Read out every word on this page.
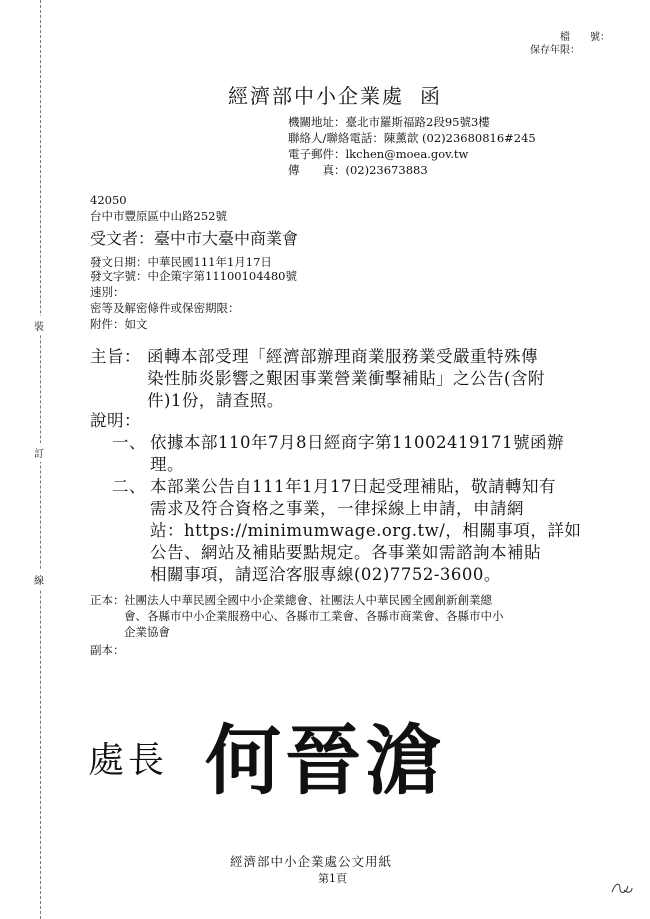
裝
訂
線
檔　　號：
保存年限：
經濟部中小企業處 函
機關地址：臺北市羅斯福路2段95號3樓
聯絡人/聯絡電話：陳薰歆 (02)23680816#245
電子郵件：lkchen@moea.gov.tw
傳　　真：(02)23673883
42050
台中市豐原區中山路252號
受文者：臺中市大臺中商業會
發文日期：中華民國111年1月17日
發文字號：中企策字第11100104480號
速別：
密等及解密條件或保密期限：
附件：如文
主旨： 函轉本部受理「經濟部辦理商業服務業受嚴重特殊傳
染性肺炎影響之艱困事業營業衝擊補貼」之公告(含附
件)1份，請查照。
說明：
一、 依據本部110年7月8日經商字第11002419171號函辦
理。
二、 本部業公告自111年1月17日起受理補貼，敬請轉知有
需求及符合資格之事業，一律採線上申請，申請網
站：https://minimumwage.org.tw/，相關事項，詳如
公告、網站及補貼要點規定。各事業如需諮詢本補貼
相關事項，請逕洽客服專線(02)7752-3600。
正本： 社團法人中華民國全國中小企業總會、社團法人中華民國全國創新創業總
會、各縣市中小企業服務中心、各縣市工業會、各縣市商業會、各縣市中小
企業協會
副本：
處長 何晉滄
經濟部中小企業處公文用紙
第1頁
